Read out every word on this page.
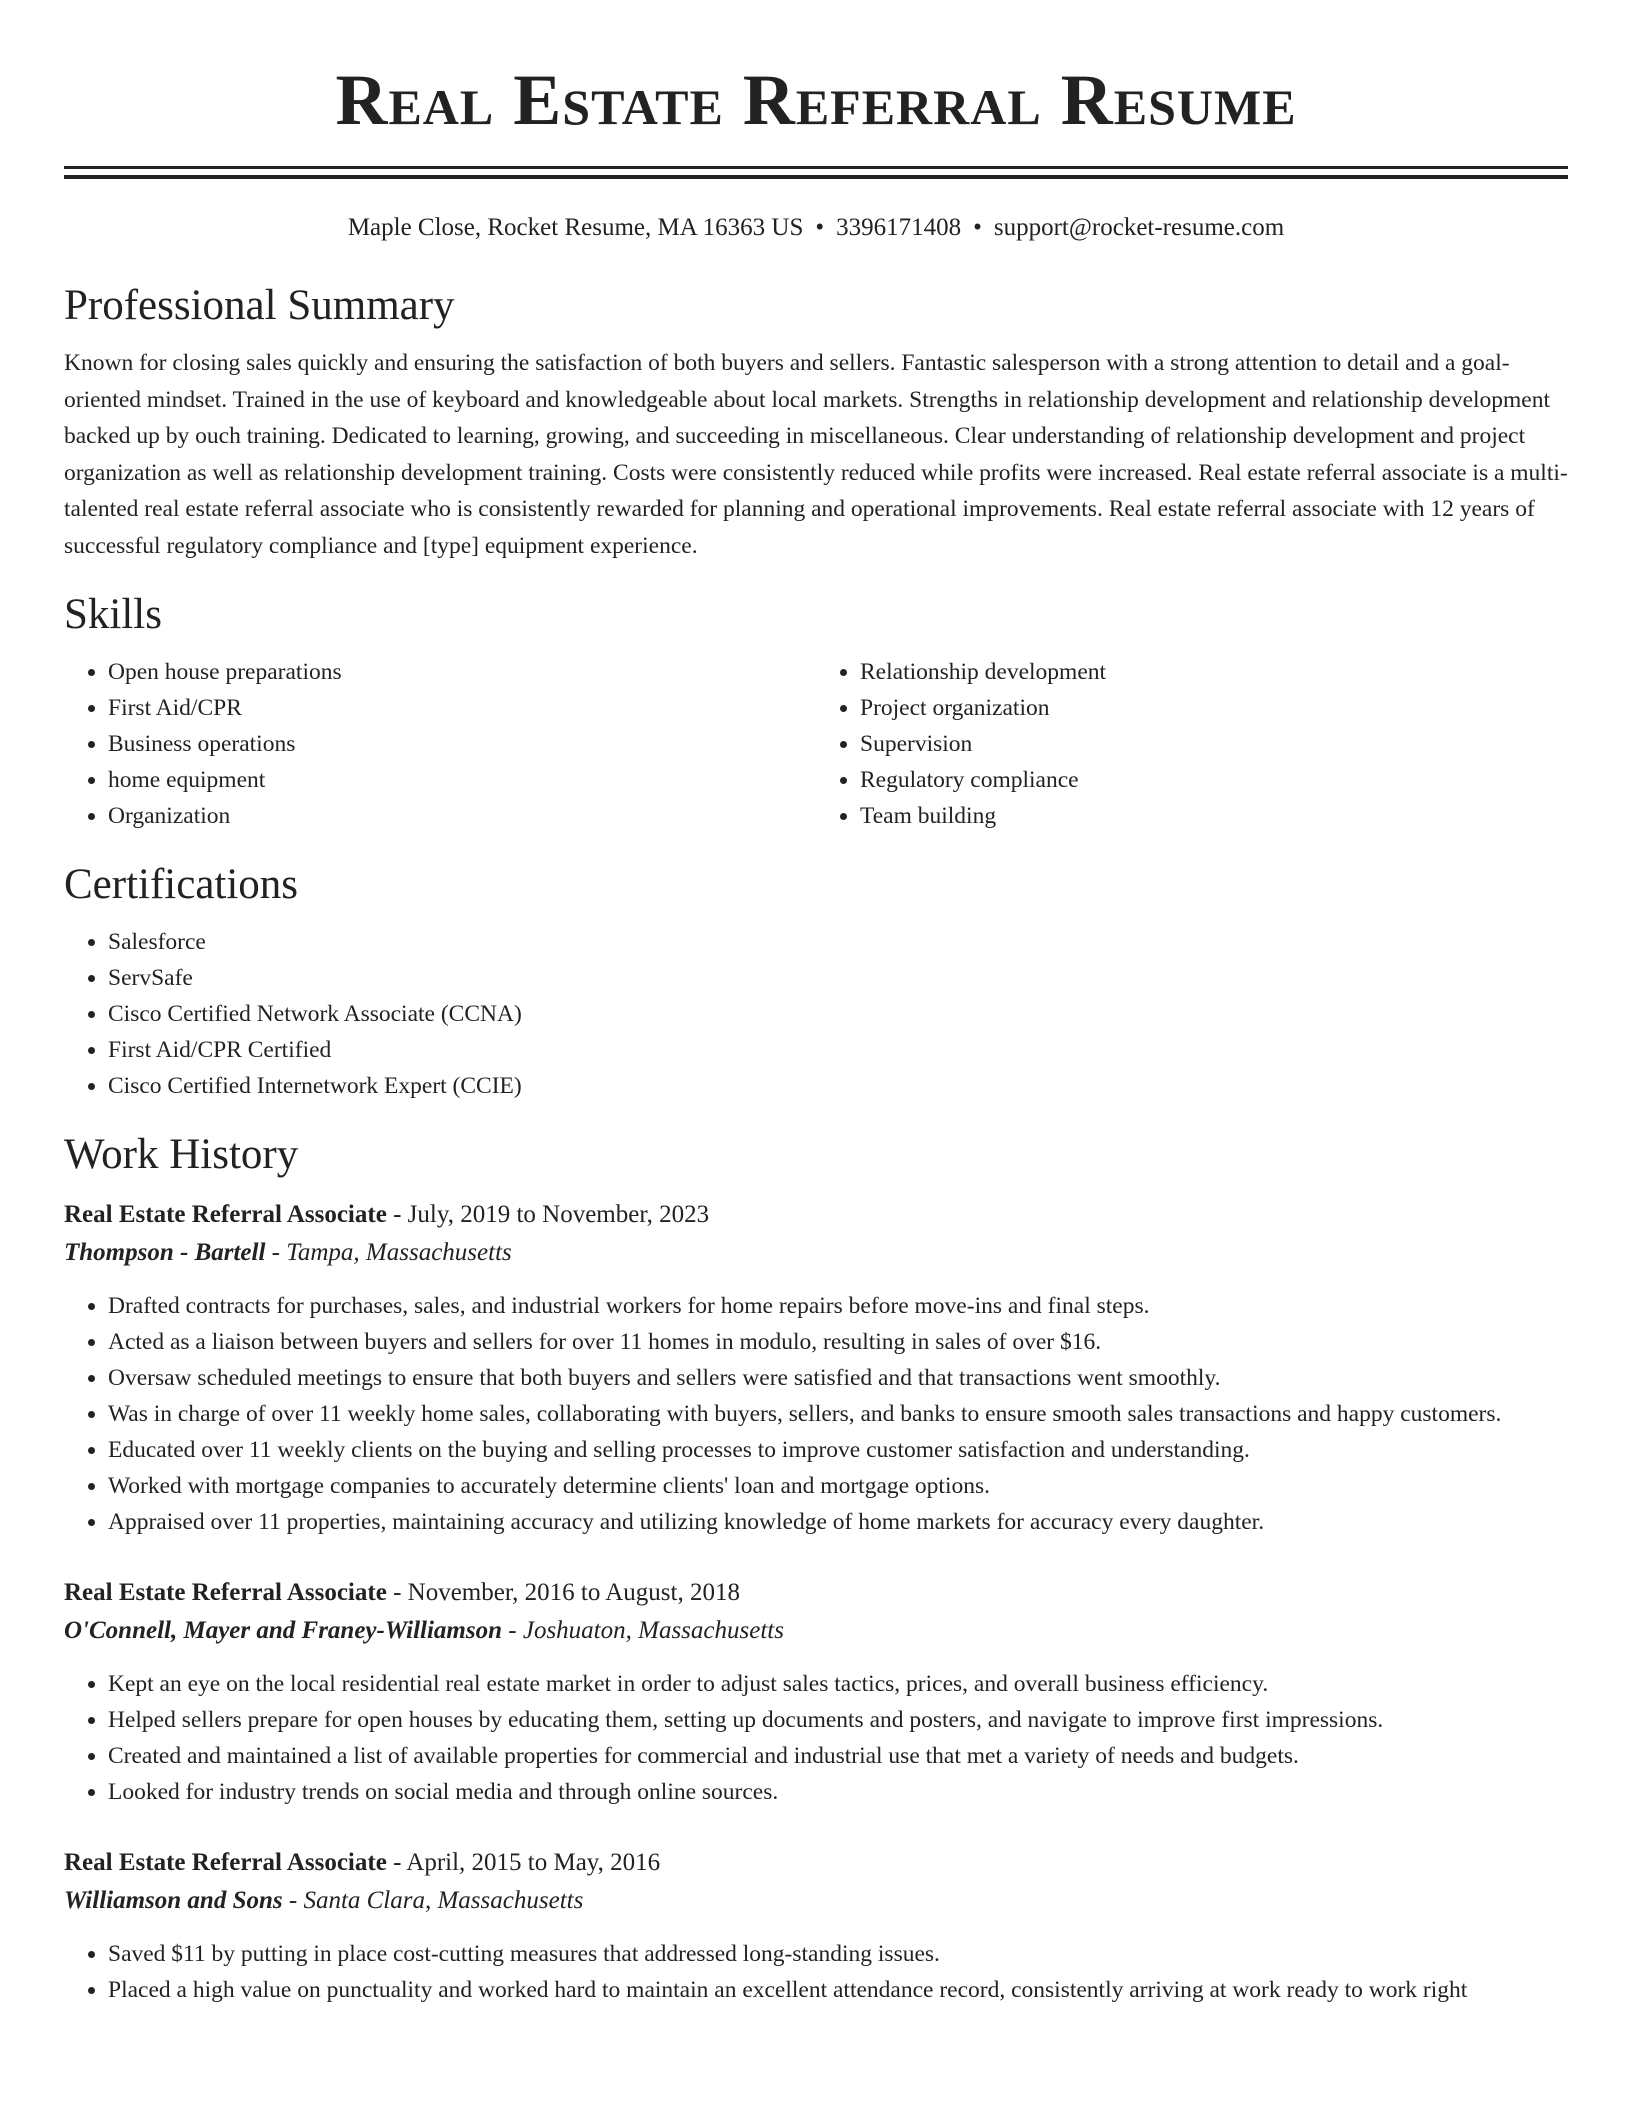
Real Estate Referral Resume
Maple Close, Rocket Resume, MA 16363 US • 3396171408 • support@rocket-resume.com
Professional Summary

Known for closing sales quickly and ensuring the satisfaction of both buyers and sellers. Fantastic salesperson with a strong attention to detail and a goal-oriented mindset. Trained in the use of keyboard and knowledgeable about local markets. Strengths in relationship development and relationship development backed up by ouch training. Dedicated to learning, growing, and succeeding in miscellaneous. Clear understanding of relationship development and project organization as well as relationship development training. Costs were consistently reduced while profits were increased. Real estate referral associate is a multi-talented real estate referral associate who is consistently rewarded for planning and operational improvements. Real estate referral associate with 12 years of successful regulatory compliance and [type] equipment experience.

Skills
• Open house preparations
• First Aid/CPR
• Business operations
• home equipment
• Organization
• Relationship development
• Project organization
• Supervision
• Regulatory compliance
• Team building
Certifications
• Salesforce
• ServSafe
• Cisco Certified Network Associate (CCNA)
• First Aid/CPR Certified
• Cisco Certified Internetwork Expert (CCIE)
Work History
Real Estate Referral Associate - July, 2019 to November, 2023
Thompson - Bartell - Tampa, Massachusetts
• Drafted contracts for purchases, sales, and industrial workers for home repairs before move-ins and final steps.
• Acted as a liaison between buyers and sellers for over 11 homes in modulo, resulting in sales of over $16.
• Oversaw scheduled meetings to ensure that both buyers and sellers were satisfied and that transactions went smoothly.
• Was in charge of over 11 weekly home sales, collaborating with buyers, sellers, and banks to ensure smooth sales transactions and happy customers.
• Educated over 11 weekly clients on the buying and selling processes to improve customer satisfaction and understanding.
• Worked with mortgage companies to accurately determine clients' loan and mortgage options.
• Appraised over 11 properties, maintaining accuracy and utilizing knowledge of home markets for accuracy every daughter.
Real Estate Referral Associate - November, 2016 to August, 2018
O'Connell, Mayer and Franey-Williamson - Joshuaton, Massachusetts
• Kept an eye on the local residential real estate market in order to adjust sales tactics, prices, and overall business efficiency.
• Helped sellers prepare for open houses by educating them, setting up documents and posters, and navigate to improve first impressions.
• Created and maintained a list of available properties for commercial and industrial use that met a variety of needs and budgets.
• Looked for industry trends on social media and through online sources.
Real Estate Referral Associate - April, 2015 to May, 2016
Williamson and Sons - Santa Clara, Massachusetts
• Saved $11 by putting in place cost-cutting measures that addressed long-standing issues.
• Placed a high value on punctuality and worked hard to maintain an excellent attendance record, consistently arriving at work ready to work right
